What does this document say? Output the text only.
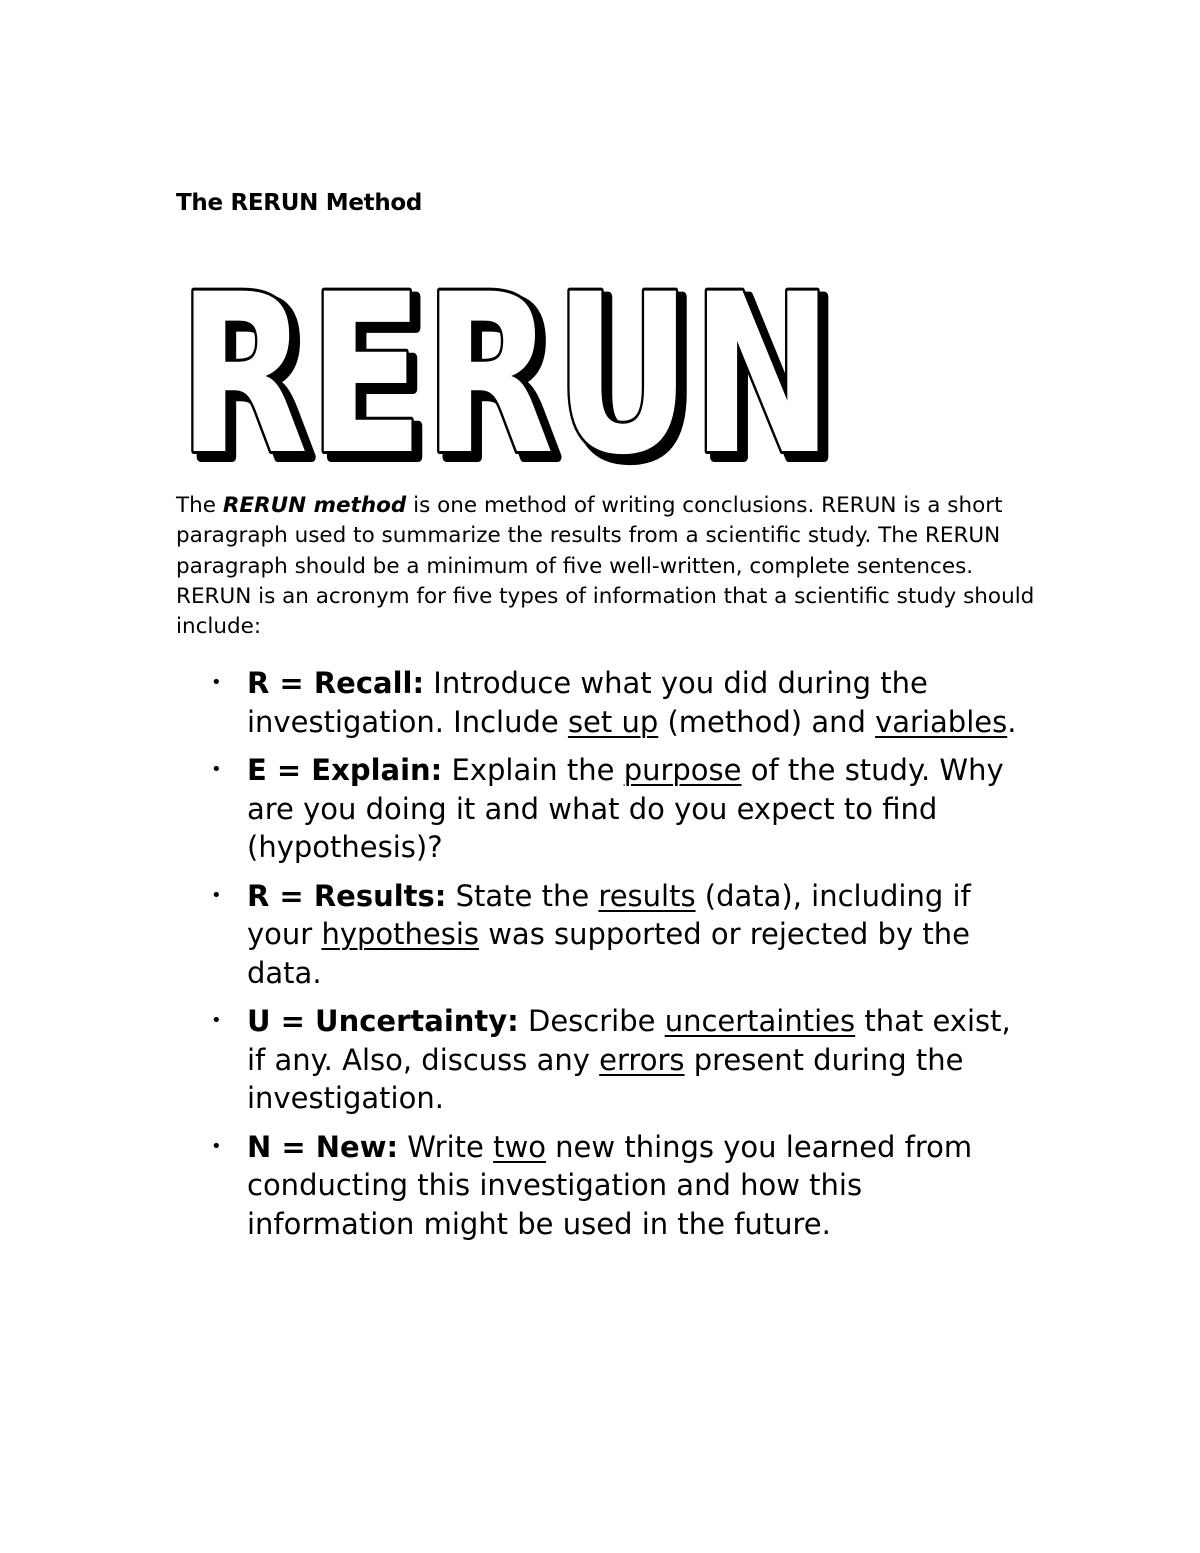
The RERUN Method
RERUN
RERUN
RERUN

The RERUN method is one method of writing conclusions. RERUN is a short paragraph used to summarize the results from a scientific study. The RERUN paragraph should be a minimum of five well-written, complete sentences. RERUN is an acronym for five types of information that a scientific study should include:

• R = Recall: Introduce what you did during the investigation. Include set up (method) and variables.
• E = Explain: Explain the purpose of the study. Why are you doing it and what do you expect to find (hypothesis)?
• R = Results: State the results (data), including if your hypothesis was supported or rejected by the data.
• U = Uncertainty: Describe uncertainties that exist, if any. Also, discuss any errors present during the investigation.
• N = New: Write two new things you learned from conducting this investigation and how this information might be used in the future.
